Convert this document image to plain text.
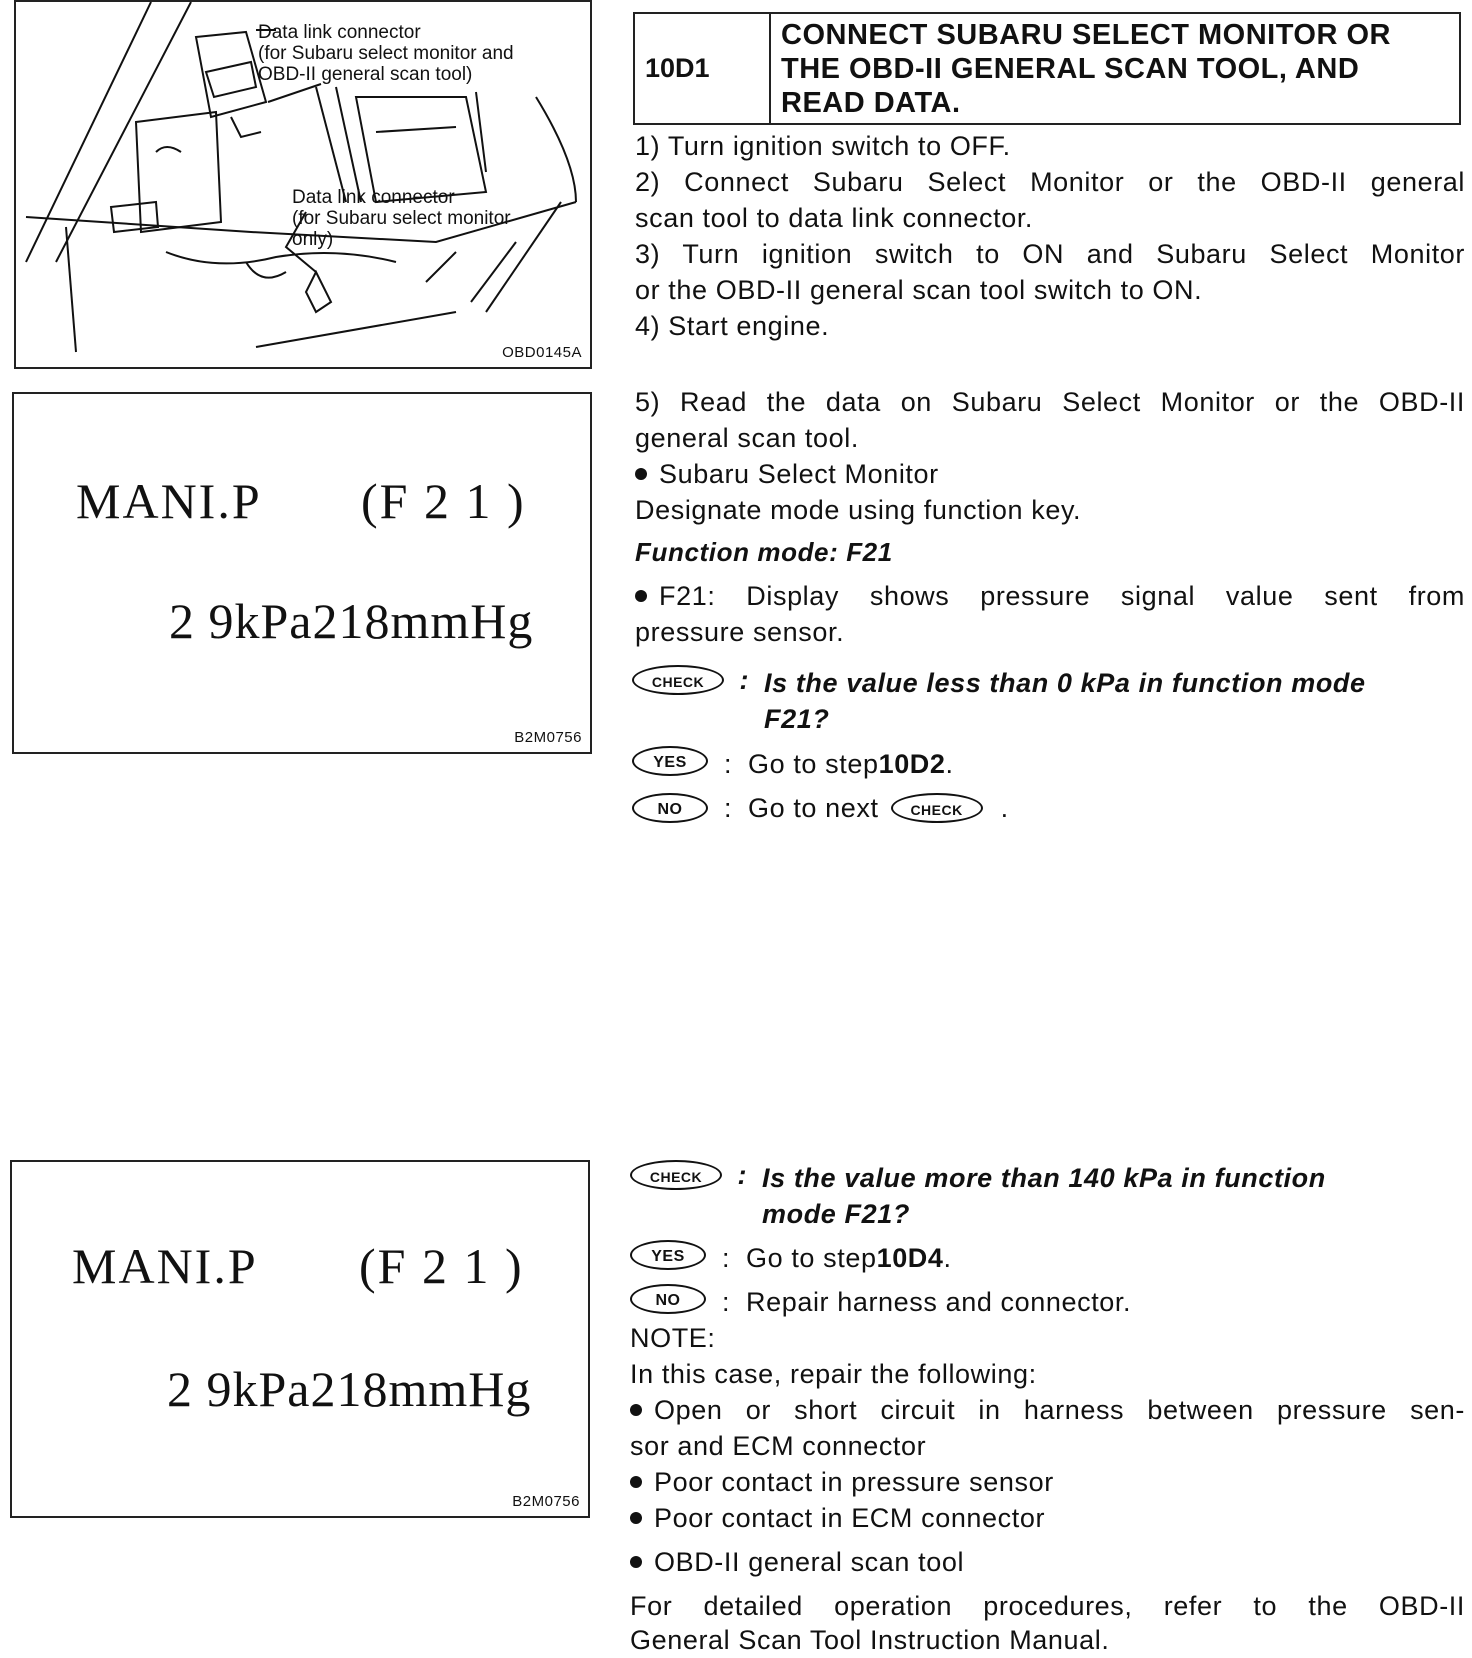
Data link connector
(for Subaru select monitor and
OBD-II general scan tool)
Data link connector
(for Subaru select monitor
only)
OBD0145A
MANI.P (F 2 1 )
2 9kPa218mmHg
B2M0756
MANI.P (F 2 1 )
2 9kPa218mmHg
B2M0756
10D1
CONNECT SUBARU SELECT MONITOR OR
THE OBD-II GENERAL SCAN TOOL, AND
READ DATA.
1) Turn ignition switch to OFF.
2) Connect Subaru Select Monitor or the OBD-II general
scan tool to data link connector.
3) Turn ignition switch to ON and Subaru Select Monitor
or the OBD-II general scan tool switch to ON.
4) Start engine.
5) Read the data on Subaru Select Monitor or the OBD-II
general scan tool.
Subaru Select Monitor
Designate mode using function key.
Function mode: F21
F21: Display shows pressure signal value sent from
pressure sensor.
CHECK	: Is the value less than 0 kPa in function mode
F21?
YES	: Go to step 10D2 .
NO	: Go to next	CHECK	.
CHECK	: Is the value more than 140 kPa in function
mode F21?
YES	: Go to step 10D4 .
NO	: Repair harness and connector.
NOTE:
In this case, repair the following:
Open or short circuit in harness between pressure sen-
sor and ECM connector
Poor contact in pressure sensor
Poor contact in ECM connector
OBD-II general scan tool
For detailed operation procedures, refer to the OBD-II
General Scan Tool Instruction Manual.
